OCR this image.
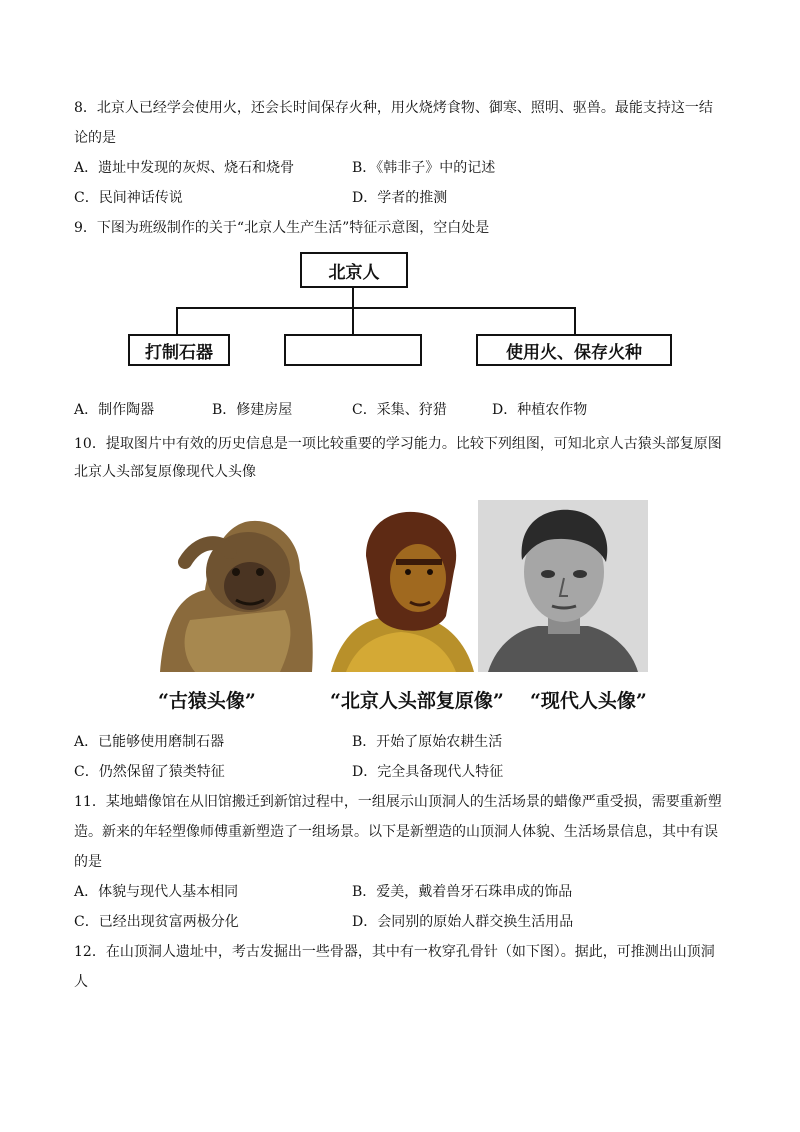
8．北京人已经学会使用火，还会长时间保存火种，用火烧烤食物、御寒、照明、驱兽。最能支持这一结
论的是
A．遗址中发现的灰烬、烧石和烧骨	B．《韩非子》中的记述
C．民间神话传说	D．学者的推测
9．下图为班级制作的关于“北京人生产生活”特征示意图，空白处是
北京人
打制石器	使用火、保存火种
A．制作陶器	B．修建房屋	C．采集、狩猎	D．种植农作物
10．提取图片中有效的历史信息是一项比较重要的学习能力。比较下列组图，可知北京人古猿头部复原图
北京人头部复原像现代人头像
“古猿头像”	“北京人头部复原像” “现代人头像”
A．已能够使用磨制石器	B．开始了原始农耕生活
C．仍然保留了猿类特征	D．完全具备现代人特征
11．某地蜡像馆在从旧馆搬迁到新馆过程中，一组展示山顶洞人的生活场景的蜡像严重受损，需要重新塑
造。新来的年轻塑像师傅重新塑造了一组场景。以下是新塑造的山顶洞人体貌、生活场景信息，其中有误
的是
A．体貌与现代人基本相同	B．爱美，戴着兽牙石珠串成的饰品
C．已经出现贫富两极分化	D．会同别的原始人群交换生活用品
12．在山顶洞人遗址中，考古发掘出一些骨器，其中有一枚穿孔骨针（如下图）。据此，可推测出山顶洞
人
